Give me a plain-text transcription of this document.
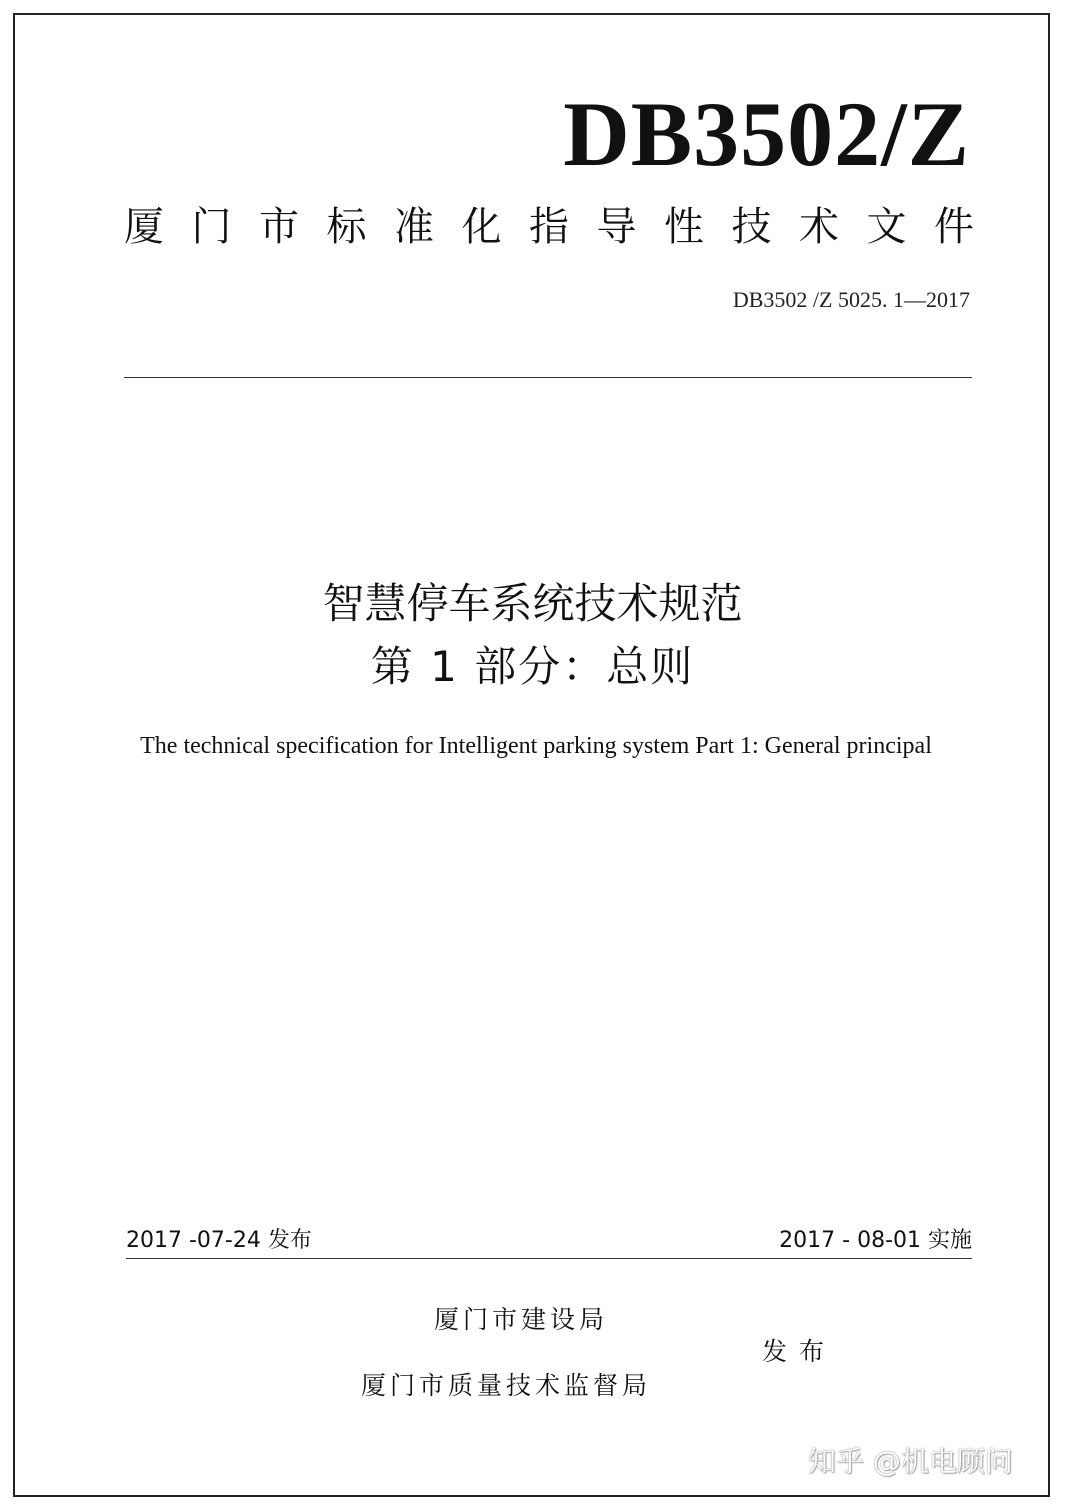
DB3502/Z
厦 门 市 标 准 化 指 导 性 技 术 文 件
DB3502 /Z 5025. 1—2017
智慧停车系统技术规范
第 1 部分：总则
The technical specification for Intelligent parking system Part 1: General principal
2017 -07-24 发布	2017 - 08-01 实施
厦门市建设局
厦门市质量技术监督局
发布
知乎 @机电顾问
